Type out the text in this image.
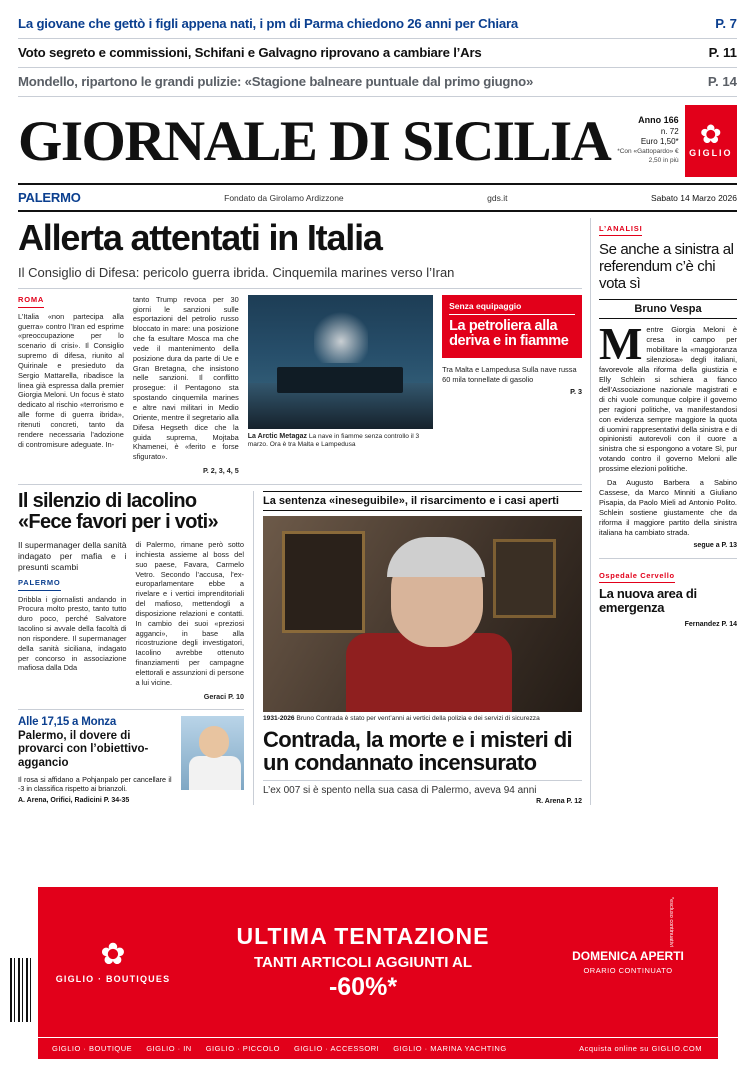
La giovane che gettò i figli appena nati, i pm di Parma chiedono 26 anni per Chiara	P. 7
Voto segreto e commissioni, Schifani e Galvagno riprovano a cambiare l’Ars	P. 11
Mondello, ripartono le grandi pulizie: «Stagione balneare puntuale dal primo giugno»	P. 14
GIORNALE DI SICILIA	Anno 166
n. 72
Euro 1,50*
*Con «Gattopardo» € 2,50 in più
✿
GIGLIO
PALERMO	Fondato da Girolamo Ardizzone	gds.it	Sabato 14 Marzo 2026
Allerta attentati in Italia
Il Consiglio di Difesa: pericolo guerra ibrida. Cinquemila marines verso l’Iran
ROMA

L’Italia «non partecipa alla guerra» contro l’Iran ed esprime «preoccupazione per lo scenario di crisi». Il Consiglio supremo di difesa, riunito al Quirinale e presieduto da Sergio Mattarella, ribadisce la linea già espressa dalla premier Giorgia Meloni. Un focus è stato dedicato al rischio «terrorismo e alle forme di guerra ibrida», ritenuti concreti, tanto da rendere necessaria l’adozione di contromisure adeguate. In-

tanto Trump revoca per 30 giorni le sanzioni sulle esportazioni del petrolio russo bloccato in mare: una posizione che fa esultare Mosca ma che vede il mantenimento della posizione dura da parte di Ue e Gran Bretagna, che insistono nelle sanzioni. Il conflitto prosegue: il Pentagono sta spostando cinquemila marines e altre navi militari in Medio Oriente, mentre il segretario alla Difesa Hegseth dice che la guida suprema, Mojtaba Khamenei, è «ferito e forse sfigurato».

P. 2, 3, 4, 5
La Arctic Metagaz La nave in fiamme senza controllo il 3 marzo. Ora è tra Malta e Lampedusa
Senza equipaggio
La petroliera alla deriva e in fiamme
Tra Malta e Lampedusa Sulla nave russa 60 mila tonnellate di gasolio
P. 3
Il silenzio di Iacolino «Fece favori per i voti»

Il supermanager della sanità indagato per mafia e i presunti scambi

PALERMO

Dribbla i giornalisti andando in Procura molto presto, tanto tutto duro poco, perché Salvatore Iacolino si avvale della facoltà di non rispondere. Il supermanager della sanità siciliana, indagato per concorso in associazione mafiosa dalla Dda

di Palermo, rimane però sotto inchiesta assieme al boss del suo paese, Favara, Carmelo Vetro. Secondo l’accusa, l’ex-europarlamentare ebbe a rivelare e i vertici imprenditoriali del mafioso, mettendogli a disposizione relazioni e contatti. In cambio dei suoi «preziosi agganci», in base alla ricostruzione degli investigatori, Iacolino avrebbe ottenuto finanziamenti per campagne elettorali e assunzioni di persone a lui vicine.

Geraci P. 10
Alle 17,15 a Monza
Palermo, il dovere di provarci con l’obiettivo-aggancio
Il rosa si affidano a Pohjanpalo per cancellare il -3 in classifica rispetto ai brianzoli.
A. Arena, Orifici, Radicini P. 34-35
La sentenza «ineseguibile», il risarcimento e i casi aperti
1931-2026 Bruno Contrada è stato per vent’anni ai vertici della polizia e dei servizi di sicurezza
Contrada, la morte e i misteri di un condannato incensurato
L’ex 007 si è spento nella sua casa di Palermo, aveva 94 anni
R. Arena P. 12
L’ANALISI
Se anche a sinistra al referendum c’è chi vota sì
Bruno Vespa
M entre Giorgia Meloni è cresa in campo per mobilitare la «maggioranza silenziosa» degli italiani, favorevole alla riforma della giustizia e Elly Schlein si schiera a fianco dell’Associazione nazionale magistrati e di chi vuole comunque colpire il governo per ragioni politiche, va manifestandosi con evidenza sempre maggiore la quota di uomini rappresentativi della sinistra e di opinionisti autorevoli con il cuore a sinistra che si espongono a votare Sì, pur votando contro il governo Meloni alle prossime elezioni politiche.

Da Augusto Barbera a Sabino Cassese, da Marco Minniti a Giuliano Pisapia, da Paolo Mieli ad Antonio Polito. Schlein sostiene giustamente che da riforma il maggiore partito della sinistra italiana ha cambiato strada.

segue a P. 13
Ospedale Cervello
La nuova area di emergenza
Fernandez P. 14
✿
GIGLIO · BOUTIQUES
ULTIMA TENTAZIONE
TANTI ARTICOLI AGGIUNTI AL
-60%*
DOMENICA APERTI
ORARIO CONTINUATO
*escluso continuativi
GIGLIO · BOUTIQUE GIGLIO · IN GIGLIO · PICCOLO GIGLIO · ACCESSORI GIGLIO · MARINA YACHTING	Acquista online su GIGLIO.COM
